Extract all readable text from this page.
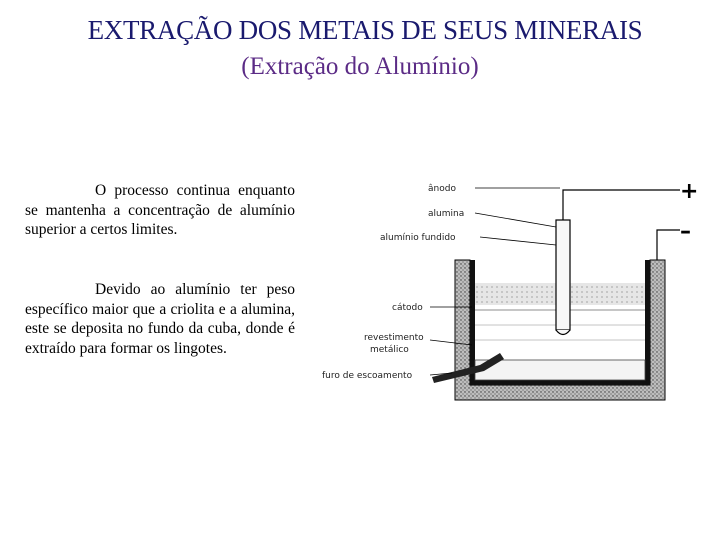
EXTRAÇÃO DOS METAIS DE SEUS MINERAIS
(Extração do Alumínio)

O processo continua enquanto se mantenha a concentração de alumínio superior a certos limites.

Devido ao alumínio ter peso específico maior que a criolita e a alumina, este se deposita no fundo da cuba, donde é extraído para formar os lingotes.

ânodo
alumina
alumínio fundido
cátodo
revestimento
metálico
furo de escoamento
+
–
